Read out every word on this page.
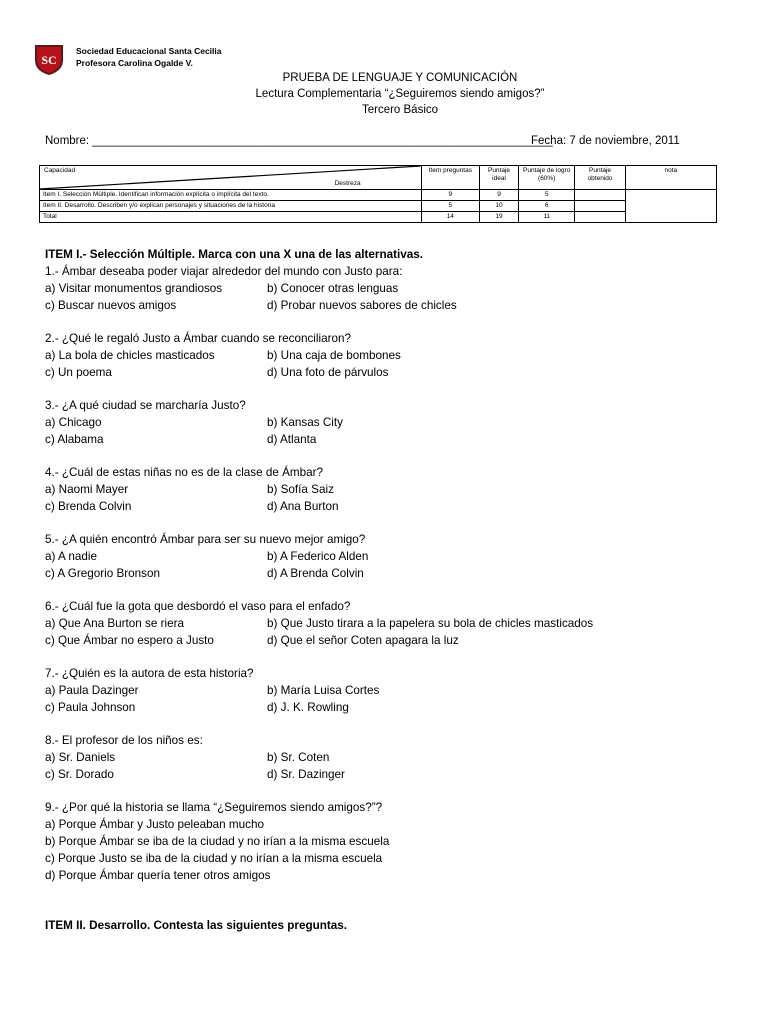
SC
Sociedad Educacional Santa Cecilia
Profesora Carolina Ogalde V.
PRUEBA DE LENGUAJE Y COMUNICACIÓN
Lectura Complementaria “¿Seguiremos siendo amigos?”
Tercero Básico
Nombre: ________________________________________________________________________
Fecha: 7 de noviembre, 2011
Capacidad
Destreza	Item preguntas	Puntaje ideal	Puntaje de logro (60%)	Puntaje obtenido	nota
Item I. Selección Múltiple. Identifican información explícita o implícita del texto.	9	9	5		
Item II. Desarrollo. Describen y/o explican personajes y situaciones de la historia	5	10	6		
Total	14	19	11		
ITEM I.- Selección Múltiple. Marca con una X una de las alternativas.
1.- Ámbar deseaba poder viajar alrededor del mundo con Justo para:
a) Visitar monumentos grandiosos	b) Conocer otras lenguas
c) Buscar nuevos amigos	d) Probar nuevos sabores de chicles
2.- ¿Qué le regaló Justo a Ámbar cuando se reconciliaron?
a) La bola de chicles masticados	b) Una caja de bombones
c) Un poema	d) Una foto de párvulos
3.- ¿A qué ciudad se marcharía Justo?
a) Chicago	b) Kansas City
c) Alabama	d) Atlanta
4.- ¿Cuál de estas niñas no es de la clase de Ámbar?
a) Naomi Mayer	b) Sofía Saiz
c) Brenda Colvin	d) Ana Burton
5.- ¿A quién encontró Ámbar para ser su nuevo mejor amigo?
a) A nadie	b) A Federico Alden
c) A Gregorio Bronson	d) A Brenda Colvin
6.- ¿Cuál fue la gota que desbordó el vaso para el enfado?
a) Que Ana Burton se riera	b) Que Justo tirara a la papelera su bola de chicles masticados
c) Que Ámbar no espero a Justo	d) Que el señor Coten apagara la luz
7.- ¿Quién es la autora de esta historia?
a) Paula Dazinger	b) María Luisa Cortes
c) Paula Johnson	d) J. K. Rowling
8.- El profesor de los niños es:
a) Sr. Daniels	b) Sr. Coten
c) Sr. Dorado	d) Sr. Dazinger
9.- ¿Por qué la historia se llama “¿Seguiremos siendo amigos?”?
a) Porque Ámbar y Justo peleaban mucho
b) Porque Ámbar se iba de la ciudad y no irían a la misma escuela
c) Porque Justo se iba de la ciudad y no irían a la misma escuela
d) Porque Ámbar quería tener otros amigos
ITEM II. Desarrollo. Contesta las siguientes preguntas.
